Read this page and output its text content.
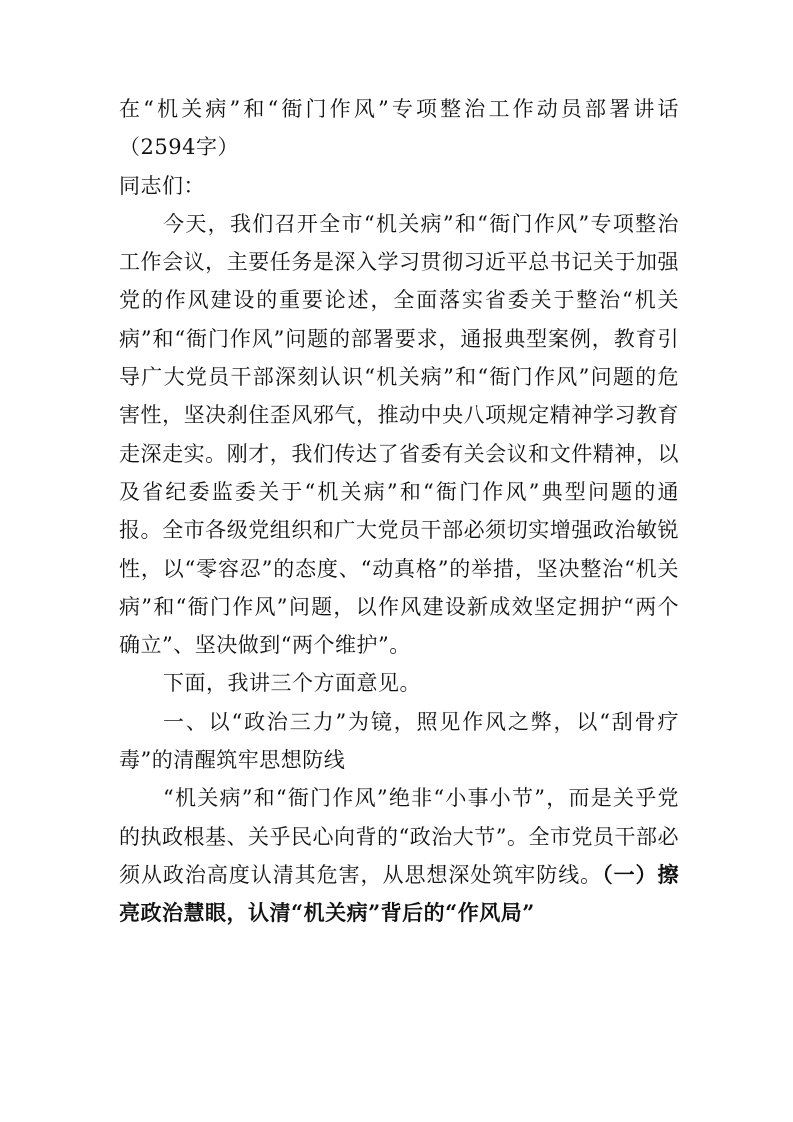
在“机关病”和“衙门作风”专项整治工作动员部署讲话（2594字）

同志们：

今天，我们召开全市“机关病”和“衙门作风”专项整治工作会议，主要任务是深入学习贯彻习近平总书记关于加强党的作风建设的重要论述，全面落实省委关于整治“机关病”和“衙门作风”问题的部署要求，通报典型案例，教育引导广大党员干部深刻认识“机关病”和“衙门作风”问题的危害性，坚决刹住歪风邪气，推动中央八项规定精神学习教育走深走实。刚才，我们传达了省委有关会议和文件精神，以及省纪委监委关于“机关病”和“衙门作风”典型问题的通报。全市各级党组织和广大党员干部必须切实增强政治敏锐性，以“零容忍”的态度、“动真格”的举措，坚决整治“机关病”和“衙门作风”问题，以作风建设新成效坚定拥护“两个确立”、坚决做到“两个维护”。

下面，我讲三个方面意见。

一、以“政治三力”为镜，照见作风之弊，以“刮骨疗毒”的清醒筑牢思想防线

“机关病”和“衙门作风”绝非“小事小节”，而是关乎党的执政根基、关乎民心向背的“政治大节”。全市党员干部必须从政治高度认清其危害，从思想深处筑牢防线。（一）擦亮政治慧眼，认清“机关病”背后的“作风局”
